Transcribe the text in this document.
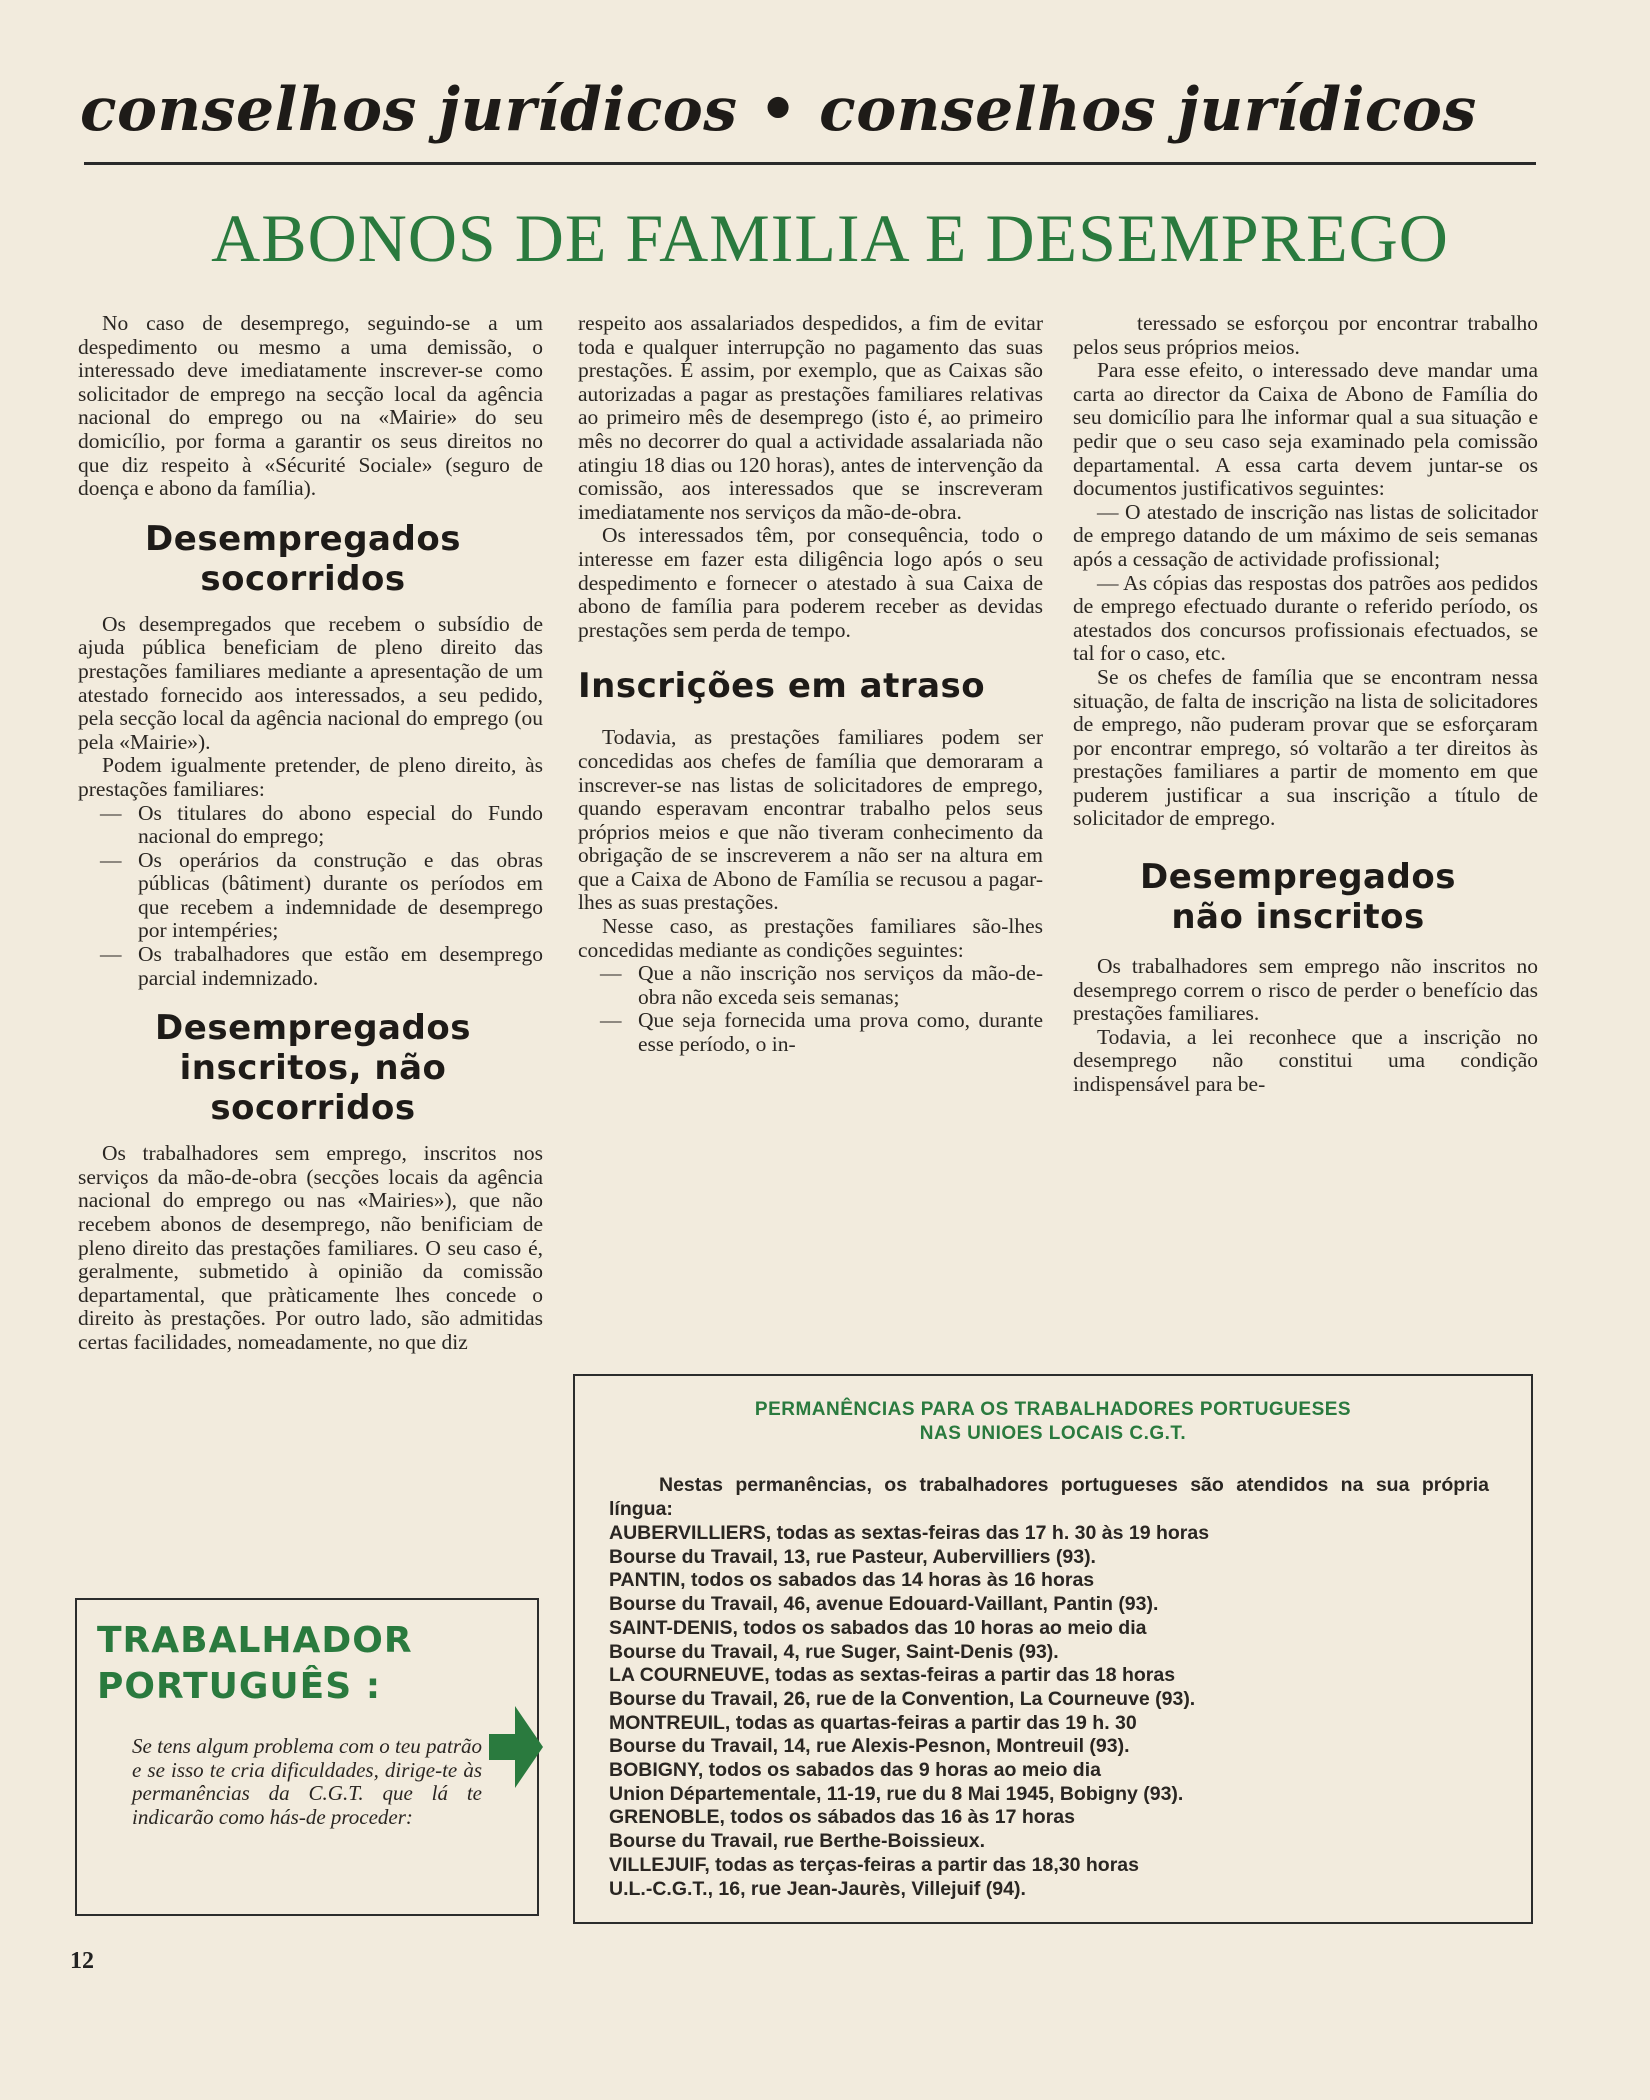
conselhos jurídicos • conselhos jurídicos
ABONOS DE FAMILIA E DESEMPREGO

No caso de desemprego, seguindo-se a um despedimento ou mesmo a uma demissão, o interessado deve imediatamente inscrever-se como solicitador de emprego na secção local da agência nacional do emprego ou na «Mairie» do seu domicílio, por forma a garantir os seus direitos no que diz respeito à «Sécurité Sociale» (seguro de doença e abono da família).

Desempregados socorridos

Os desempregados que recebem o subsídio de ajuda pública beneficiam de pleno direito das prestações familiares mediante a apresentação de um atestado fornecido aos interessados, a seu pedido, pela secção local da agência nacional do emprego (ou pela «Mairie»).

Podem igualmente pretender, de pleno direito, às prestações familiares:

— Os titulares do abono especial do Fundo nacional do emprego;
— Os operários da construção e das obras públicas (bâtiment) durante os períodos em que recebem a indemnidade de desemprego por intempéries;
— Os trabalhadores que estão em desemprego parcial indemnizado.
Desempregados inscritos, não socorridos

Os trabalhadores sem emprego, inscritos nos serviços da mão-de-obra (secções locais da agência nacional do emprego ou nas «Mairies»), que não recebem abonos de desemprego, não benificiam de pleno direito das prestações familiares. O seu caso é, geralmente, submetido à opinião da comissão departamental, que pràticamente lhes concede o direito às prestações. Por outro lado, são admitidas certas facilidades, nomeadamente, no que diz

respeito aos assalariados despedidos, a fim de evitar toda e qualquer interrupção no pagamento das suas prestações. É assim, por exemplo, que as Caixas são autorizadas a pagar as prestações familiares relativas ao primeiro mês de desemprego (isto é, ao primeiro mês no decorrer do qual a actividade assalariada não atingiu 18 dias ou 120 horas), antes de intervenção da comissão, aos interessados que se inscreveram imediatamente nos serviços da mão-de-obra.

Os interessados têm, por consequência, todo o interesse em fazer esta diligência logo após o seu despedimento e fornecer o atestado à sua Caixa de abono de família para poderem receber as devidas prestações sem perda de tempo.

Inscrições em atraso

Todavia, as prestações familiares podem ser concedidas aos chefes de família que demoraram a inscrever-se nas listas de solicitadores de emprego, quando esperavam encontrar trabalho pelos seus próprios meios e que não tiveram conhecimento da obrigação de se inscreverem a não ser na altura em que a Caixa de Abono de Família se recusou a pagar-lhes as suas prestações.

Nesse caso, as prestações familiares são-lhes concedidas mediante as condições seguintes:

— Que a não inscrição nos serviços da mão-de-obra não exceda seis semanas;
— Que seja fornecida uma prova como, durante esse período, o in-

teressado se esforçou por encontrar trabalho pelos seus próprios meios.

Para esse efeito, o interessado deve mandar uma carta ao director da Caixa de Abono de Família do seu domicílio para lhe informar qual a sua situação e pedir que o seu caso seja examinado pela comissão departamental. A essa carta devem juntar-se os documentos justificativos seguintes:

— O atestado de inscrição nas listas de solicitador de emprego datando de um máximo de seis semanas após a cessação de actividade profissional;

— As cópias das respostas dos patrões aos pedidos de emprego efectuado durante o referido período, os atestados dos concursos profissionais efectuados, se tal for o caso, etc.

Se os chefes de família que se encontram nessa situação, de falta de inscrição na lista de solicitadores de emprego, não puderam provar que se esforçaram por encontrar emprego, só voltarão a ter direitos às prestações familiares a partir de momento em que puderem justificar a sua inscrição a título de solicitador de emprego.

Desempregados não inscritos

Os trabalhadores sem emprego não inscritos no desemprego correm o risco de perder o benefício das prestações familiares.

Todavia, a lei reconhece que a inscrição no desemprego não constitui uma condição indispensável para be-

TRABALHADOR PORTUGUÊS :
Se tens algum problema com o teu patrão e se isso te cria dificuldades, dirige-te às permanências da C.G.T. que lá te indicarão como hás-de proceder:
PERMANÊNCIAS PARA OS TRABALHADORES PORTUGUESES
NAS UNIOES LOCAIS C.G.T.

Nestas permanências, os trabalhadores portugueses são atendidos na sua própria língua:

AUBERVILLIERS, todas as sextas-feiras das 17 h. 30 às 19 horas
Bourse du Travail, 13, rue Pasteur, Aubervilliers (93).
PANTIN, todos os sabados das 14 horas às 16 horas
Bourse du Travail, 46, avenue Edouard-Vaillant, Pantin (93).
SAINT-DENIS, todos os sabados das 10 horas ao meio dia
Bourse du Travail, 4, rue Suger, Saint-Denis (93).
LA COURNEUVE, todas as sextas-feiras a partir das 18 horas
Bourse du Travail, 26, rue de la Convention, La Courneuve (93).
MONTREUIL, todas as quartas-feiras a partir das 19 h. 30
Bourse du Travail, 14, rue Alexis-Pesnon, Montreuil (93).
BOBIGNY, todos os sabados das 9 horas ao meio dia
Union Départementale, 11-19, rue du 8 Mai 1945, Bobigny (93).
GRENOBLE, todos os sábados das 16 às 17 horas
Bourse du Travail, rue Berthe-Boissieux.
VILLEJUIF, todas as terças-feiras a partir das 18,30 horas
U.L.-C.G.T., 16, rue Jean-Jaurès, Villejuif (94).
12
